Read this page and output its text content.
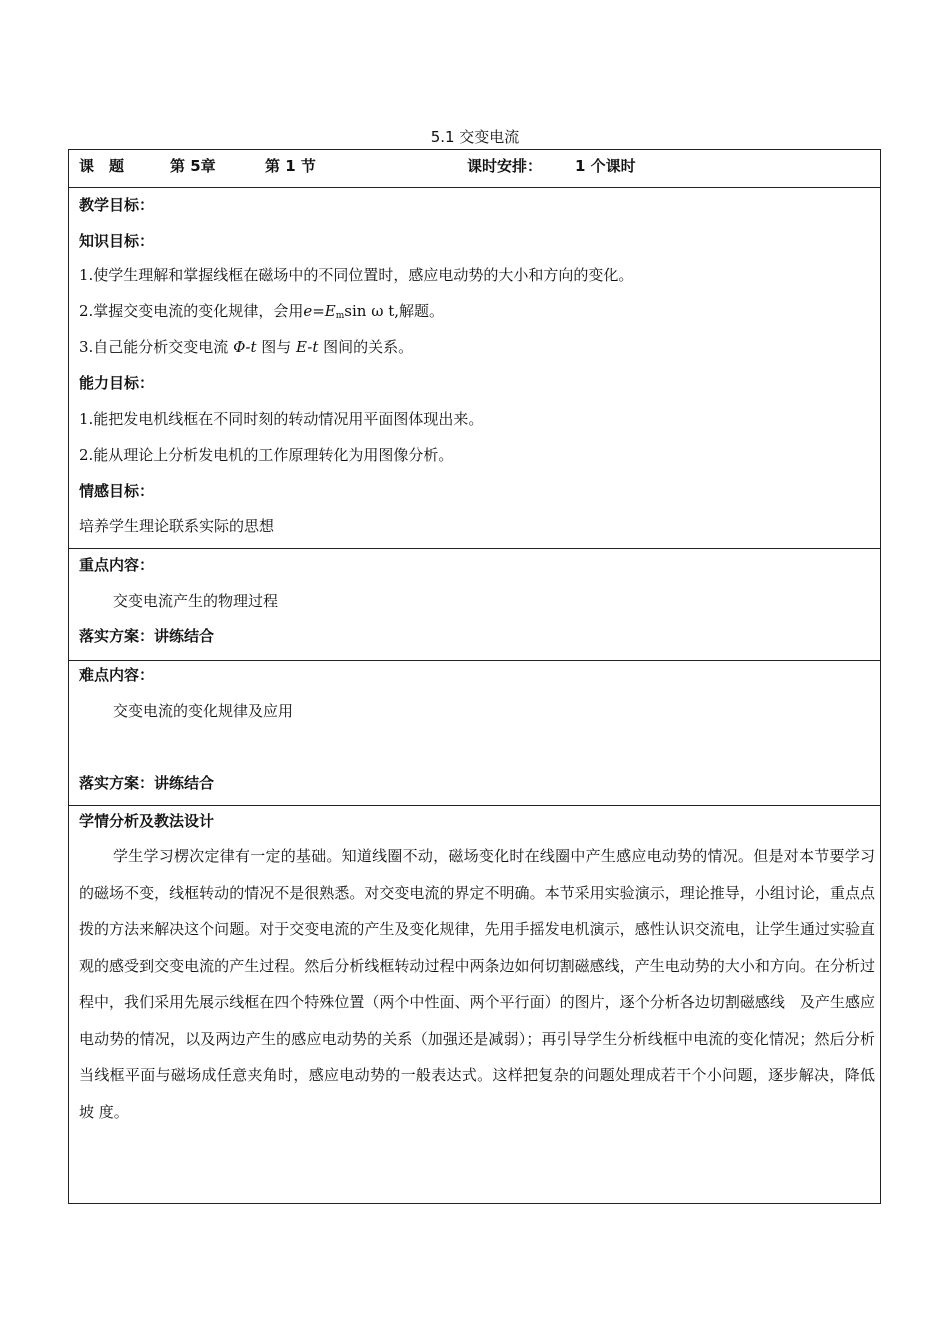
5.1 交变电流
课　题	第 5章	第 1 节	课时安排： 1 个课时
教学目标：
知识目标：
1.使学生理解和掌握线框在磁场中的不同位置时，感应电动势的大小和方向的变化。
2.掌握交变电流的变化规律，会用$e=E_m\sin$ ω t,解题。
3.自己能分析交变电流 Φ-t 图与 E-t 图间的关系。
能力目标：
1.能把发电机线框在不同时刻的转动情况用平面图体现出来。
2.能从理论上分析发电机的工作原理转化为用图像分析。
情感目标：
培养学生理论联系实际的思想
重点内容：
交变电流产生的物理过程
落实方案：讲练结合
难点内容：
交变电流的变化规律及应用
落实方案：讲练结合
学情分析及教法设计
学生学习楞次定律有一定的基础。知道线圈不动，磁场变化时在线圈中产生感应电动势的情况。但是对本节要学习的磁场不变，线框转动的情况不是很熟悉。对交变电流的界定不明确。本节采用实验演示，理论推导，小组讨论，重点点拨的方法来解决这个问题。对于交变电流的产生及变化规律，先用手摇发电机演示，感性认识交流电，让学生通过实验直观的感受到交变电流的产生过程。然后分析线框转动过程中两条边如何切割磁感线，产生电动势的大小和方向。在分析过程中，我们采用先展示线框在四个特殊位置（两个中性面、两个平行面）的图片，逐个分析各边切割磁感线　及产生感应电动势的情况，以及两边产生的感应电动势的关系（加强还是减弱）；再引导学生分析线框中电流的变化情况；然后分析当线框平面与磁场成任意夹角时，感应电动势的一般表达式。这样把复杂的问题处理成若干个小问题，逐步解决，降低 坡 度。
